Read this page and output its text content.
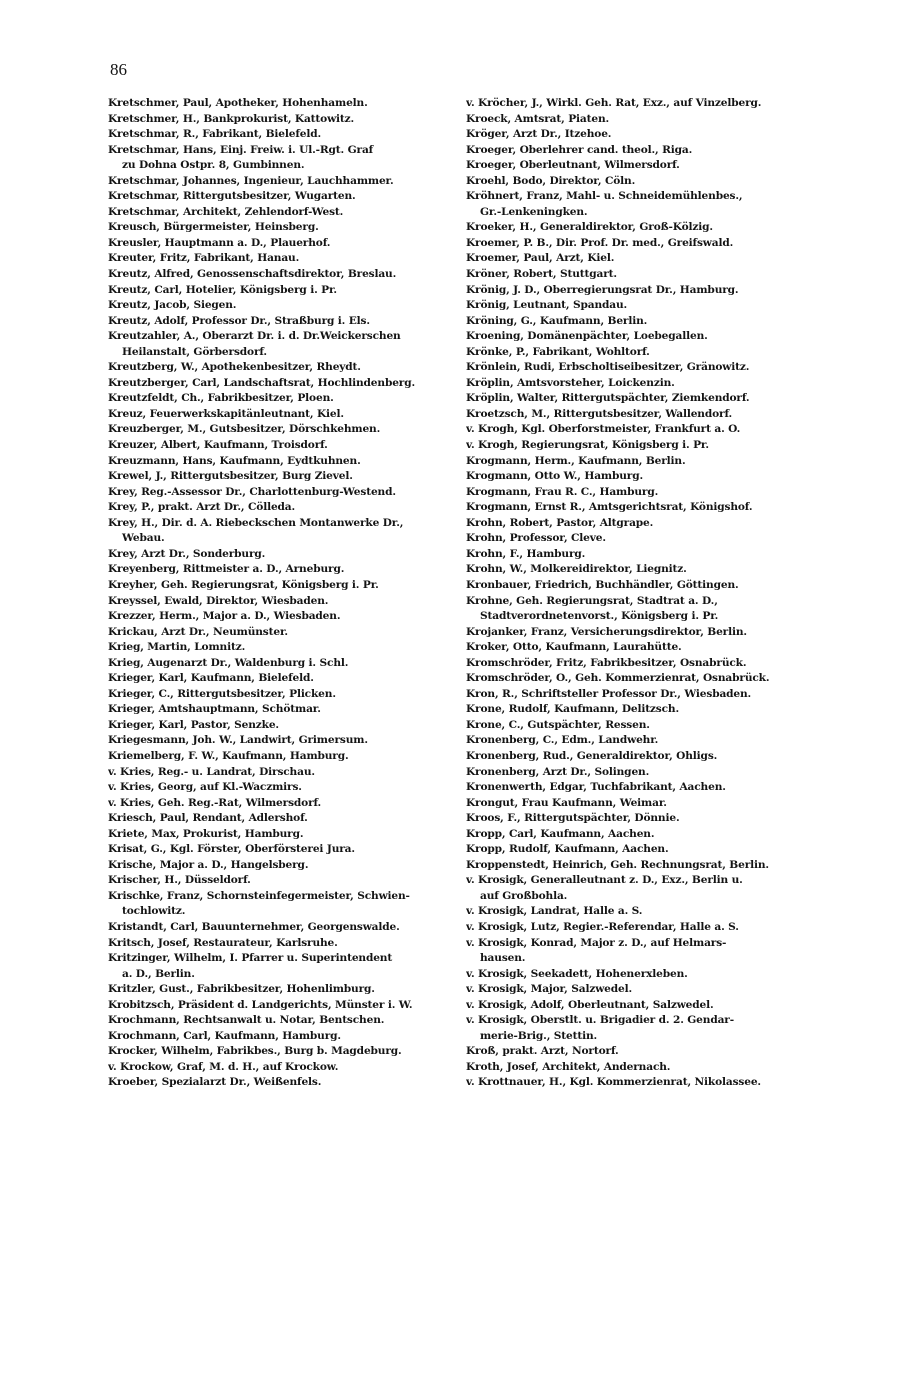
86
Kretschmer, Paul, Apotheker, Hohenhameln.
Kretschmer, H., Bankprokurist, Kattowitz.
Kretschmar, R., Fabrikant, Bielefeld.
Kretschmar, Hans, Einj. Freiw. i. Ul.-Rgt. Graf
zu Dohna Ostpr. 8, Gumbinnen.
Kretschmar, Johannes, Ingenieur, Lauchhammer.
Kretschmar, Rittergutsbesitzer, Wugarten.
Kretschmar, Architekt, Zehlendorf-West.
Kreusch, Bürgermeister, Heinsberg.
Kreusler, Hauptmann a. D., Plauerhof.
Kreuter, Fritz, Fabrikant, Hanau.
Kreutz, Alfred, Genossenschaftsdirektor, Breslau.
Kreutz, Carl, Hotelier, Königsberg i. Pr.
Kreutz, Jacob, Siegen.
Kreutz, Adolf, Professor Dr., Straßburg i. Els.
Kreutzahler, A., Oberarzt Dr. i. d. Dr.Weickerschen
Heilanstalt, Görbersdorf.
Kreutzberg, W., Apothekenbesitzer, Rheydt.
Kreutzberger, Carl, Landschaftsrat, Hochlindenberg.
Kreutzfeldt, Ch., Fabrikbesitzer, Ploen.
Kreuz, Feuerwerkskapitänleutnant, Kiel.
Kreuzberger, M., Gutsbesitzer, Dörschkehmen.
Kreuzer, Albert, Kaufmann, Troisdorf.
Kreuzmann, Hans, Kaufmann, Eydtkuhnen.
Krewel, J., Rittergutsbesitzer, Burg Zievel.
Krey, Reg.-Assessor Dr., Charlottenburg-Westend.
Krey, P., prakt. Arzt Dr., Cölleda.
Krey, H., Dir. d. A. Riebeckschen Montanwerke Dr.,
Webau.
Krey, Arzt Dr., Sonderburg.
Kreyenberg, Rittmeister a. D., Arneburg.
Kreyher, Geh. Regierungsrat, Königsberg i. Pr.
Kreyssel, Ewald, Direktor, Wiesbaden.
Krezzer, Herm., Major a. D., Wiesbaden.
Krickau, Arzt Dr., Neumünster.
Krieg, Martin, Lomnitz.
Krieg, Augenarzt Dr., Waldenburg i. Schl.
Krieger, Karl, Kaufmann, Bielefeld.
Krieger, C., Rittergutsbesitzer, Plicken.
Krieger, Amtshauptmann, Schötmar.
Krieger, Karl, Pastor, Senzke.
Kriegesmann, Joh. W., Landwirt, Grimersum.
Kriemelberg, F. W., Kaufmann, Hamburg.
v. Kries, Reg.- u. Landrat, Dirschau.
v. Kries, Georg, auf Kl.-Waczmirs.
v. Kries, Geh. Reg.-Rat, Wilmersdorf.
Kriesch, Paul, Rendant, Adlershof.
Kriete, Max, Prokurist, Hamburg.
Krisat, G., Kgl. Förster, Oberförsterei Jura.
Krische, Major a. D., Hangelsberg.
Krischer, H., Düsseldorf.
Krischke, Franz, Schornsteinfegermeister, Schwien-
tochlowitz.
Kristandt, Carl, Bauunternehmer, Georgenswalde.
Kritsch, Josef, Restaurateur, Karlsruhe.
Kritzinger, Wilhelm, I. Pfarrer u. Superintendent
a. D., Berlin.
Kritzler, Gust., Fabrikbesitzer, Hohenlimburg.
Krobitzsch, Präsident d. Landgerichts, Münster i. W.
Krochmann, Rechtsanwalt u. Notar, Bentschen.
Krochmann, Carl, Kaufmann, Hamburg.
Krocker, Wilhelm, Fabrikbes., Burg b. Magdeburg.
v. Krockow, Graf, M. d. H., auf Krockow.
Kroeber, Spezialarzt Dr., Weißenfels.
v. Kröcher, J., Wirkl. Geh. Rat, Exz., auf Vinzelberg.
Kroeck, Amtsrat, Piaten.
Kröger, Arzt Dr., Itzehoe.
Kroeger, Oberlehrer cand. theol., Riga.
Kroeger, Oberleutnant, Wilmersdorf.
Kroehl, Bodo, Direktor, Cöln.
Kröhnert, Franz, Mahl- u. Schneidemühlenbes.,
Gr.-Lenkeningken.
Kroeker, H., Generaldirektor, Groß-Kölzig.
Kroemer, P. B., Dir. Prof. Dr. med., Greifswald.
Kroemer, Paul, Arzt, Kiel.
Kröner, Robert, Stuttgart.
Krönig, J. D., Oberregierungsrat Dr., Hamburg.
Krönig, Leutnant, Spandau.
Kröning, G., Kaufmann, Berlin.
Kroening, Domänenpächter, Loebegallen.
Krönke, P., Fabrikant, Wohltorf.
Krönlein, Rudi, Erbscholtiseibesitzer, Gränowitz.
Kröplin, Amtsvorsteher, Loickenzin.
Kröplin, Walter, Rittergutspächter, Ziemkendorf.
Kroetzsch, M., Rittergutsbesitzer, Wallendorf.
v. Krogh, Kgl. Oberforstmeister, Frankfurt a. O.
v. Krogh, Regierungsrat, Königsberg i. Pr.
Krogmann, Herm., Kaufmann, Berlin.
Krogmann, Otto W., Hamburg.
Krogmann, Frau R. C., Hamburg.
Krogmann, Ernst R., Amtsgerichtsrat, Königshof.
Krohn, Robert, Pastor, Altgrape.
Krohn, Professor, Cleve.
Krohn, F., Hamburg.
Krohn, W., Molkereidirektor, Liegnitz.
Kronbauer, Friedrich, Buchhändler, Göttingen.
Krohne, Geh. Regierungsrat, Stadtrat a. D.,
Stadtverordnetenvorst., Königsberg i. Pr.
Krojanker, Franz, Versicherungsdirektor, Berlin.
Kroker, Otto, Kaufmann, Laurahütte.
Kromschröder, Fritz, Fabrikbesitzer, Osnabrück.
Kromschröder, O., Geh. Kommerzienrat, Osnabrück.
Kron, R., Schriftsteller Professor Dr., Wiesbaden.
Krone, Rudolf, Kaufmann, Delitzsch.
Krone, C., Gutspächter, Ressen.
Kronenberg, C., Edm., Landwehr.
Kronenberg, Rud., Generaldirektor, Ohligs.
Kronenberg, Arzt Dr., Solingen.
Kronenwerth, Edgar, Tuchfabrikant, Aachen.
Krongut, Frau Kaufmann, Weimar.
Kroos, F., Rittergutspächter, Dönnie.
Kropp, Carl, Kaufmann, Aachen.
Kropp, Rudolf, Kaufmann, Aachen.
Kroppenstedt, Heinrich, Geh. Rechnungsrat, Berlin.
v. Krosigk, Generalleutnant z. D., Exz., Berlin u.
auf Großbohla.
v. Krosigk, Landrat, Halle a. S.
v. Krosigk, Lutz, Regier.-Referendar, Halle a. S.
v. Krosigk, Konrad, Major z. D., auf Helmars-
hausen.
v. Krosigk, Seekadett, Hohenerxleben.
v. Krosigk, Major, Salzwedel.
v. Krosigk, Adolf, Oberleutnant, Salzwedel.
v. Krosigk, Oberstlt. u. Brigadier d. 2. Gendar-
merie-Brig., Stettin.
Kroß, prakt. Arzt, Nortorf.
Kroth, Josef, Architekt, Andernach.
v. Krottnauer, H., Kgl. Kommerzienrat, Nikolassee.
